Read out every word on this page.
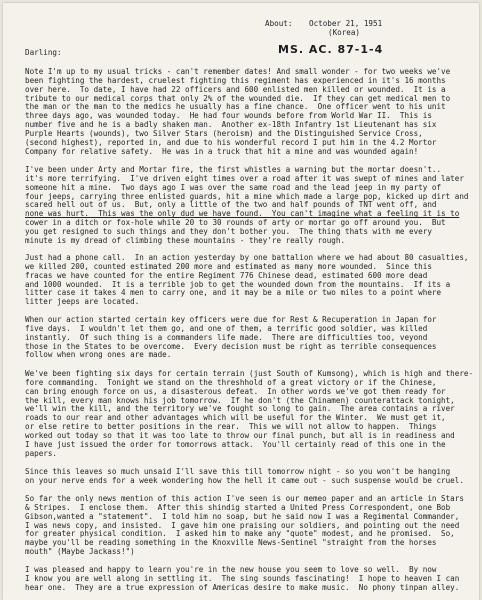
About: October 21, 1951
(Korea)
MS. AC. 87-1-4
Darling:
Note I'm up to my usual tricks - can't remember dates! And small wonder - for two weeks we've
been fighting the hardest, cruelest fighting this regiment has experienced in it's 16 months
over here.  To date, I have had 22 officers and 600 enlisted men killed or wounded.  It is a
tribute to our medical corps that only 2% of the wounded die.  If they can get medical men to
the man or the man to the medics he usually has a fine chance.  One officer went to his unit
three days ago, was wounded today.  He had four wounds before from World War II.  This is
number five and he is a badly shaken man.  Another ex-18th Infantry 1st Lieutenant has six
Purple Hearts (wounds), two Silver Stars (heroism) and the Distinguished Service Cross,
(second highest), reported in, and due to his wonderful record I put him in the 4.2 Mortor
Company for relative safety.  He was in a truck that hit a mine and was wounded again!
I've been under Arty and Mortar fire, the first whistles a warning but the mortar doesn't..
it's more terrifying.  I've driven eight times over a road after it was swept of mines and later
someone hit a mine.  Two days ago I was over the same road and the lead jeep in my party of
four jeeps, carrying three enlisted guards, hit a mine which made a large pop, kicked up dirt and
scared hell out of us.  But, only a little of the two and half pounds of TNT went off, and
none was hurt.  This was the only dud we have found.  You can't imagine what a feeling it is to
cower in a ditch or fox-hole while 20 to 30 rounds of arty or mortar go off around you.  But
you get resigned to such things and they don't bother you.  The thing thats with me every
minute is my dread of climbing these mountains - they're really rough.
Just had a phone call.  In an action yesterday by one battalion where we had about 80 casualties,
we killed 200, counted estimated 200 more and estimated as many more wounded.  Since this
fracas we have counted for the entire Regiment 776 Chinese dead, estimated 600 more dead
and 1000 wounded.  It is a terrible job to get the wounded down from the mountains.  If its a
litter case it takes 4 men to carry one, and it may be a mile or two miles to a point where
litter jeeps are located.
When our action started certain key officers were due for Rest & Recuperation in Japan for
five days.  I wouldn't let them go, and one of them, a terrific good soldier, was killed
instantly.  Of such thing is a commanders life made.  There are difficulties too, veyond
those in the States to be overcome.  Every decision must be right as terrible consequences
follow when wrong ones are made.
We've been fighting six days for certain terrain (just South of Kumsong), which is high and there-
fore commanding.  Tonight we stand on the threshhold of a great victory or if the Chinese,
can bring enough force on us, a disasterous defeat.  In other words we've got them ready for
the kill, every man knows his job tomorrow.  If he don't (the Chinamen) counterattack tonight,
we'll win the kill, and the territory we've fought so long to gain.  The area contains a river
roads to our rear and other advantages which will be useful for the Winter.  We must get it,
or else retire to better positions in the rear.  This we will not allow to happen.  Things
worked out today so that it was too late to throw our final punch, but all is in readiness and
I have just issued the order for tomorrows attack.  You'll certainly read of this one in the
papers.
Since this leaves so much unsaid I'll save this till tomorrow night - so you won't be hanging
on your nerve ends for a week wondering how the hell it came out - such suspense would be cruel.
So far the only news mention of this action I've seen is our memeo paper and an article in Stars
& Stripes.  I enclose them.  After this shindig started a United Press Correspondent, one Bob
Gibson,wanted a "statement".  I told him no soap, but he said now I was a Regimental Commander,
I was news copy, and insisted.  I gave him one praising our soldiers, and pointing out the need
for greater physical condition.  I asked him to make any "quote" modest, and he promised.  So,
maybe you'll be reading something in the Knoxville News-Sentinel "straight from the horses
mouth" (Maybe Jackass!")
I was pleased and happy to learn you're in the new house you seem to love so well.  By now
I know you are well along in settling it.  The sing sounds fascinating!  I hope to heaven I can
hear one.  They are a true expression of Americas desire to make music.  No phony tinpan alley.
